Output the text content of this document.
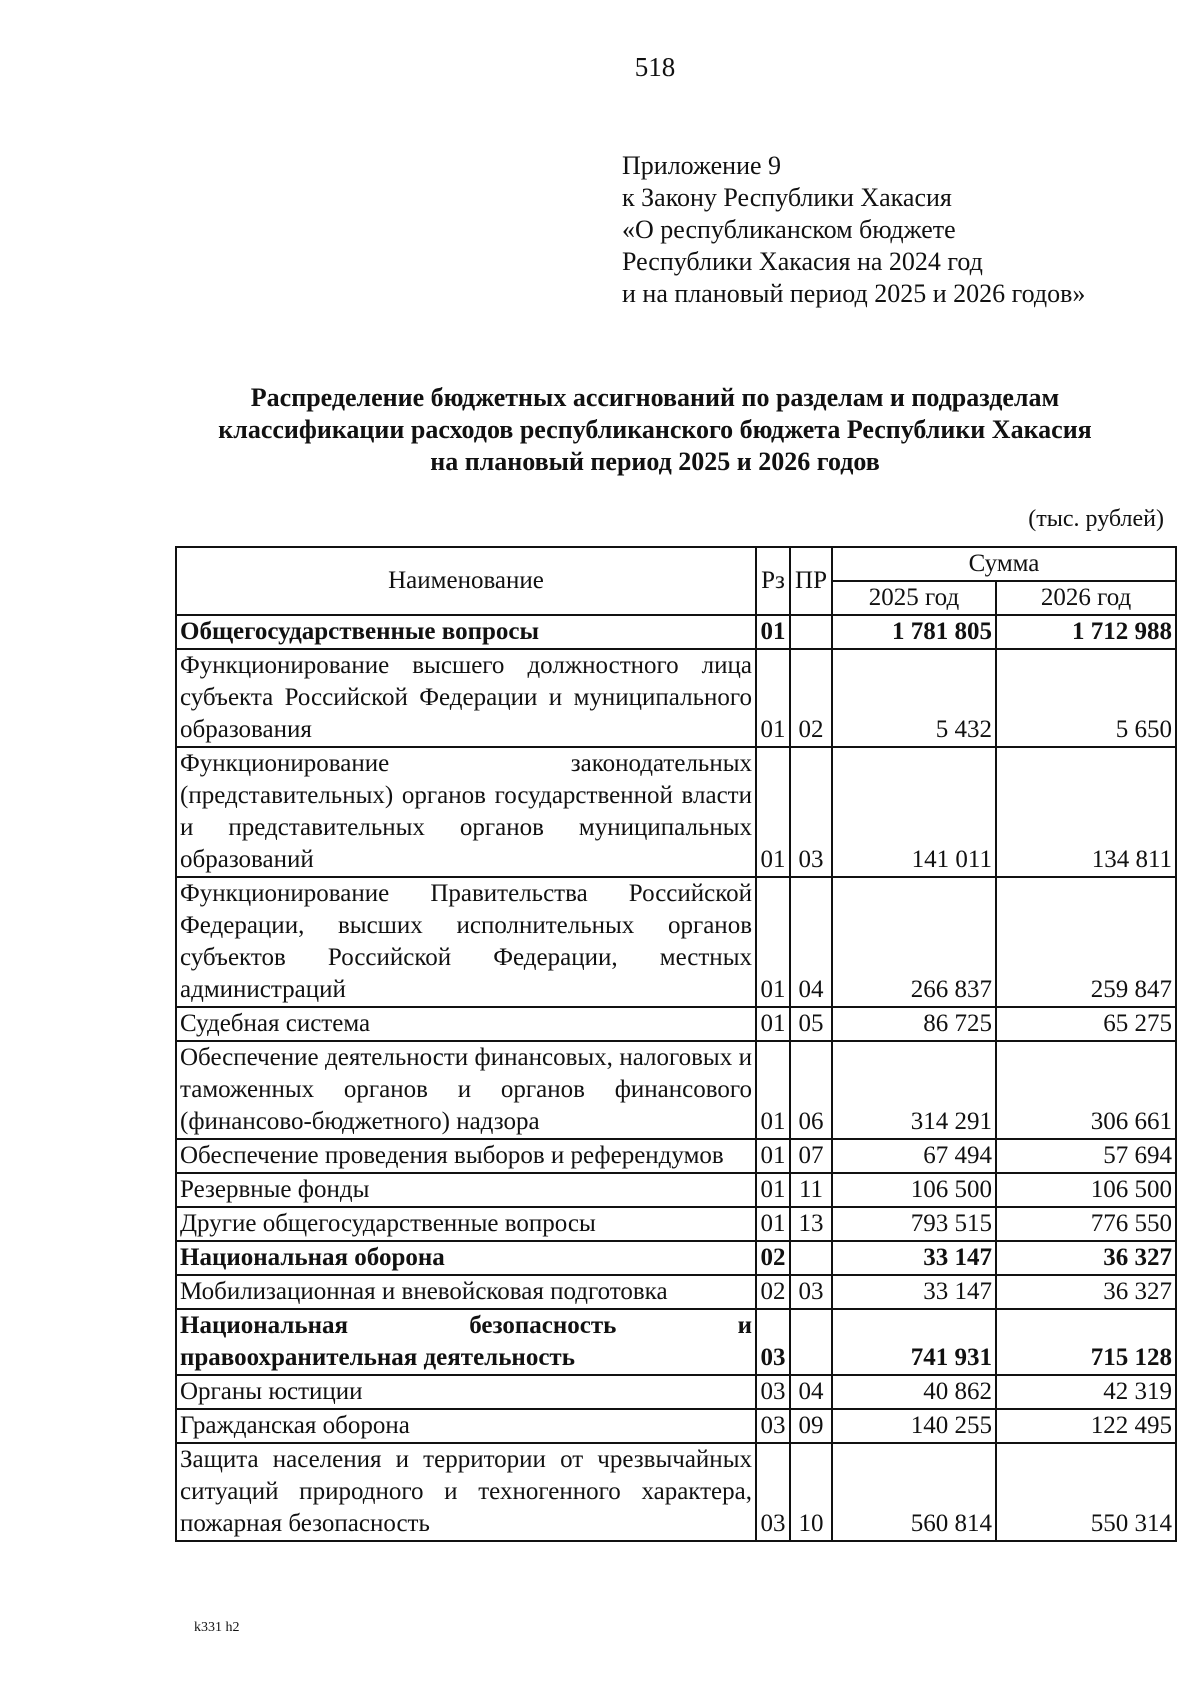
518
Приложение 9
к Закону Республики Хакасия
«О республиканском бюджете
Республики Хакасия на 2024 год
и на плановый период 2025 и 2026 годов»
Распределение бюджетных ассигнований по разделам и подразделам
классификации расходов республиканского бюджета Республики Хакасия
на плановый период 2025 и 2026 годов
(тыс. рублей)
Наименование	Рз	ПР	Сумма	
			2025 год	2026 год
Общегосударственные вопросы	01		1 781 805	1 712 988
Функционирование высшего должностного лица субъекта Российской Федерации и муниципального образования	01	02	5 432	5 650
Функционирование законодательных (представительных) органов государственной власти и представительных органов муниципальных образований	01	03	141 011	134 811
Функционирование Правительства Российской Федерации, высших исполнительных органов субъектов Российской Федерации, местных администраций	01	04	266 837	259 847
Судебная система	01	05	86 725	65 275
Обеспечение деятельности финансовых, налоговых и таможенных органов и органов финансового (финансово-бюджетного) надзора	01	06	314 291	306 661
Обеспечение проведения выборов и референдумов	01	07	67 494	57 694
Резервные фонды	01	11	106 500	106 500
Другие общегосударственные вопросы	01	13	793 515	776 550
Национальная оборона	02		33 147	36 327
Мобилизационная и вневойсковая подготовка	02	03	33 147	36 327
Национальная безопасность и правоохранительная деятельность	03		741 931	715 128
Органы юстиции	03	04	40 862	42 319
Гражданская оборона	03	09	140 255	122 495
Защита населения и территории от чрезвычайных ситуаций природного и техногенного характера, пожарная безопасность	03	10	560 814	550 314
k331 h2
